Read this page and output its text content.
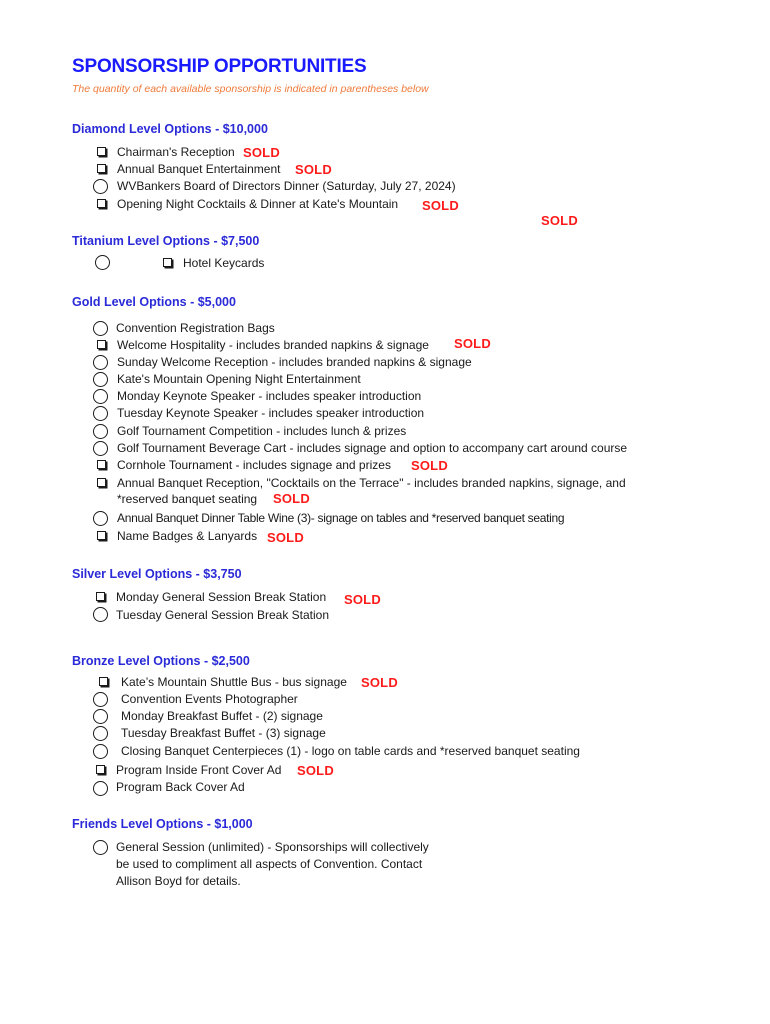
SPONSORSHIP OPPORTUNITIES
The quantity of each available sponsorship is indicated in parentheses below
Diamond Level Options - $10,000
Chairman's Reception SOLD
Annual Banquet Entertainment SOLD
WVBankers Board of Directors Dinner (Saturday, July 27, 2024)
Opening Night Cocktails & Dinner at Kate's Mountain SOLD
SOLD
Titanium Level Options - $7,500
Hotel Keycards
Gold Level Options - $5,000
Convention Registration Bags
Welcome Hospitality - includes branded napkins & signage SOLD
Sunday Welcome Reception - includes branded napkins & signage
Kate's Mountain Opening Night Entertainment
Monday Keynote Speaker - includes speaker introduction
Tuesday Keynote Speaker - includes speaker introduction
Golf Tournament Competition - includes lunch & prizes
Golf Tournament Beverage Cart - includes signage and option to accompany cart around course
Cornhole Tournament - includes signage and prizes SOLD
Annual Banquet Reception, "Cocktails on the Terrace" - includes branded napkins, signage, and
*reserved banquet seating SOLD
Annual Banquet Dinner Table Wine (3)- signage on tables and *reserved banquet seating
Name Badges & Lanyards SOLD
Silver Level Options - $3,750
Monday General Session Break Station SOLD
Tuesday General Session Break Station
Bronze Level Options - $2,500
Kate’s Mountain Shuttle Bus - bus signage SOLD
Convention Events Photographer
Monday Breakfast Buffet - (2) signage
Tuesday Breakfast Buffet - (3) signage
Closing Banquet Centerpieces (1) - logo on table cards and *reserved banquet seating
Program Inside Front Cover Ad SOLD
Program Back Cover Ad
Friends Level Options - $1,000
General Session (unlimited) - Sponsorships will collectively
be used to compliment all aspects of Convention. Contact
Allison Boyd for details.
